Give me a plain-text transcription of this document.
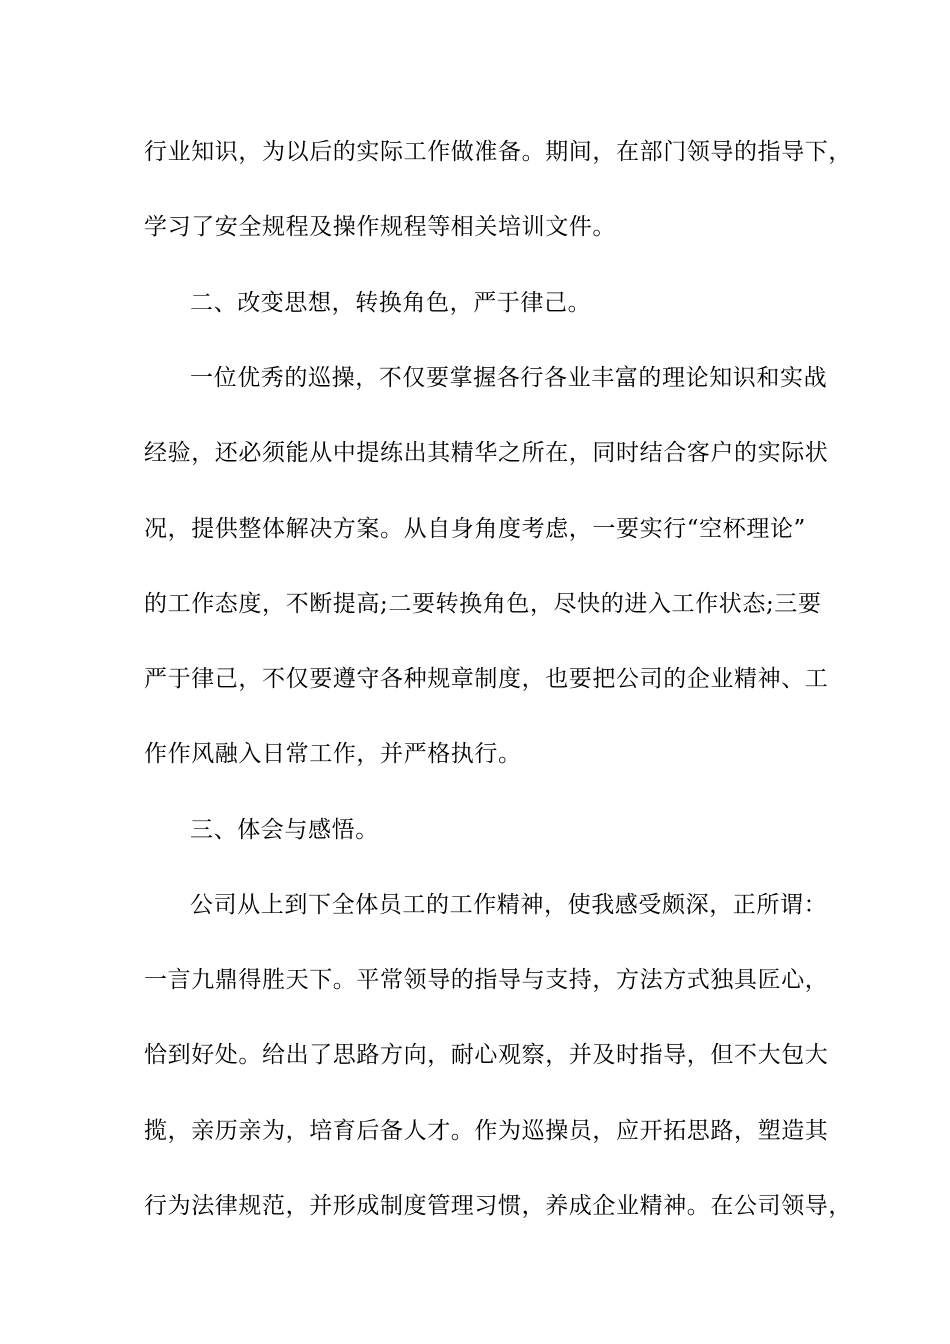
行业知识，为以后的实际工作做准备。期间，在部门领导的指导下，
学习了安全规程及操作规程等相关培训文件。
二、改变思想，转换角色，严于律己。
一位优秀的巡操，不仅要掌握各行各业丰富的理论知识和实战
经验，还必须能从中提练出其精华之所在，同时结合客户的实际状
况，提供整体解决方案。从自身角度考虑，一要实行“空杯理论”
的工作态度，不断提高;二要转换角色，尽快的进入工作状态;三要
严于律己，不仅要遵守各种规章制度，也要把公司的企业精神、工
作作风融入日常工作，并严格执行。
三、体会与感悟。
公司从上到下全体员工的工作精神，使我感受颇深，正所谓：
一言九鼎得胜天下。平常领导的指导与支持，方法方式独具匠心，
恰到好处。给出了思路方向，耐心观察，并及时指导，但不大包大
揽，亲历亲为，培育后备人才。作为巡操员，应开拓思路，塑造其
行为法律规范，并形成制度管理习惯，养成企业精神。在公司领导，
